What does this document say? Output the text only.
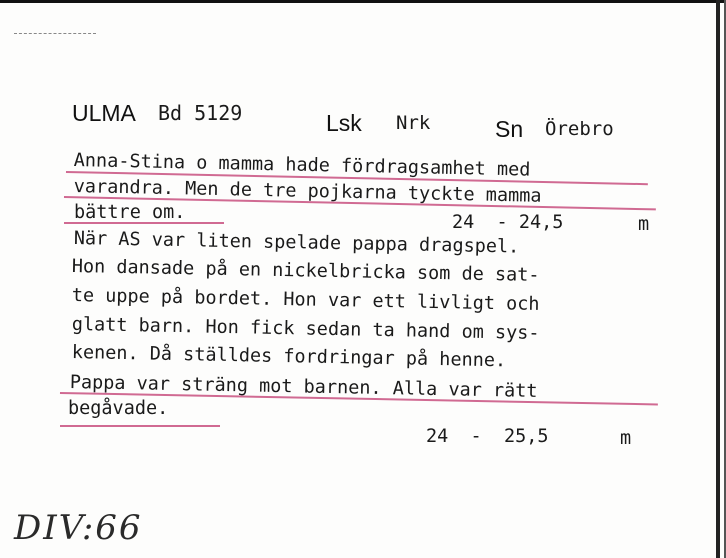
ULMA Bd 5129	Lsk Nrk	Sn Örebro
Anna-Stina o mamma hade fördragsamhet med
varandra. Men de tre pojkarna tyckte mamma
bättre om.	24  - 24,5	m
När AS var liten spelade pappa dragspel.
Hon dansade på en nickelbricka som de sat-
te uppe på bordet. Hon var ett livligt och
glatt barn. Hon fick sedan ta hand om sys-
kenen. Då ställdes fordringar på henne.
Pappa var sträng mot barnen. Alla var rätt
begåvade.
24  -  25,5	m
DIV:66
